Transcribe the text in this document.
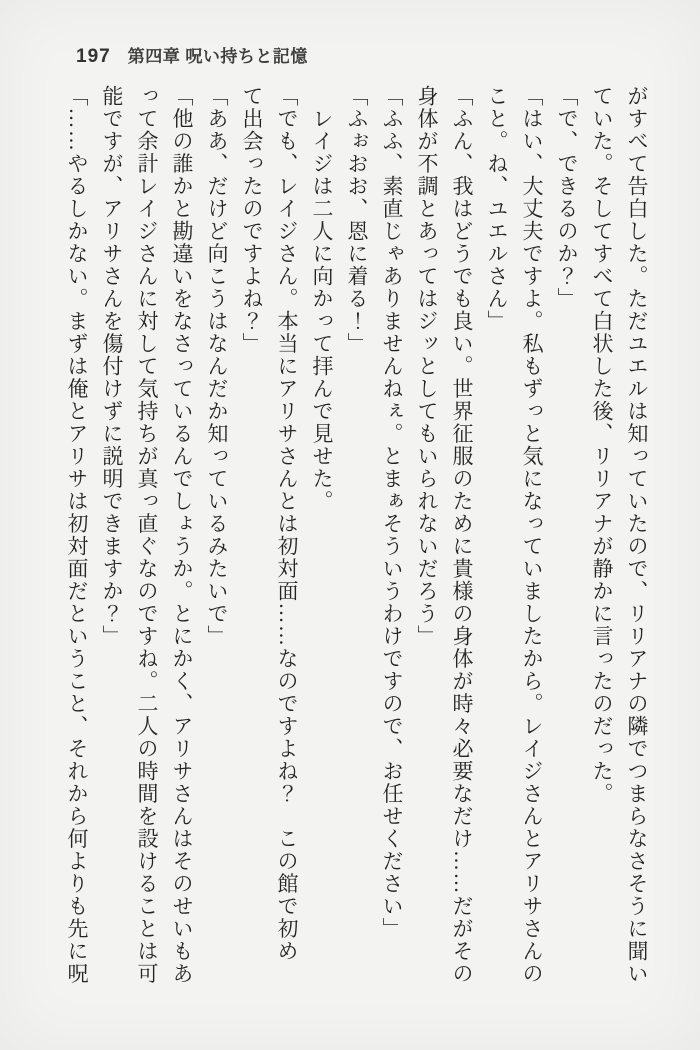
197 第四章 呪い持ちと記憶

がすべて告白した。ただユエルは知っていたので、リリアナの隣でつまらなさそうに聞い

ていた。そしてすべて白状した後、リリアナが静かに言ったのだった。

「で、できるのか？」

「はい、大丈夫ですよ。私もずっと気になっていましたから。レイジさんとアリサさんの

こと。ね、ユエルさん」

「ふん、我はどうでも良い。世界征服のために貴様の身体が時々必要なだけ……だがその

身体が不調とあってはジッとしてもいられないだろう」

「ふふ、素直じゃありませんねぇ。とまぁそういうわけですので、お任せください」

「ふぉおお、恩に着る！」

　レイジは二人に向かって拝んで見せた。

「でも、レイジさん。本当にアリサさんとは初対面……なのですよね？　この館で初め

て出会ったのですよね？」

「ああ、だけど向こうはなんだか知っているみたいで」

「他の誰かと勘違いをなさっているんでしょうか。とにかく、アリサさんはそのせいもあ

って余計レイジさんに対して気持ちが真っ直ぐなのですね。二人の時間を設けることは可

能ですが、アリサさんを傷付けずに説明できますか？」

「……やるしかない。まずは俺とアリサは初対面だということ、それから何よりも先に呪
